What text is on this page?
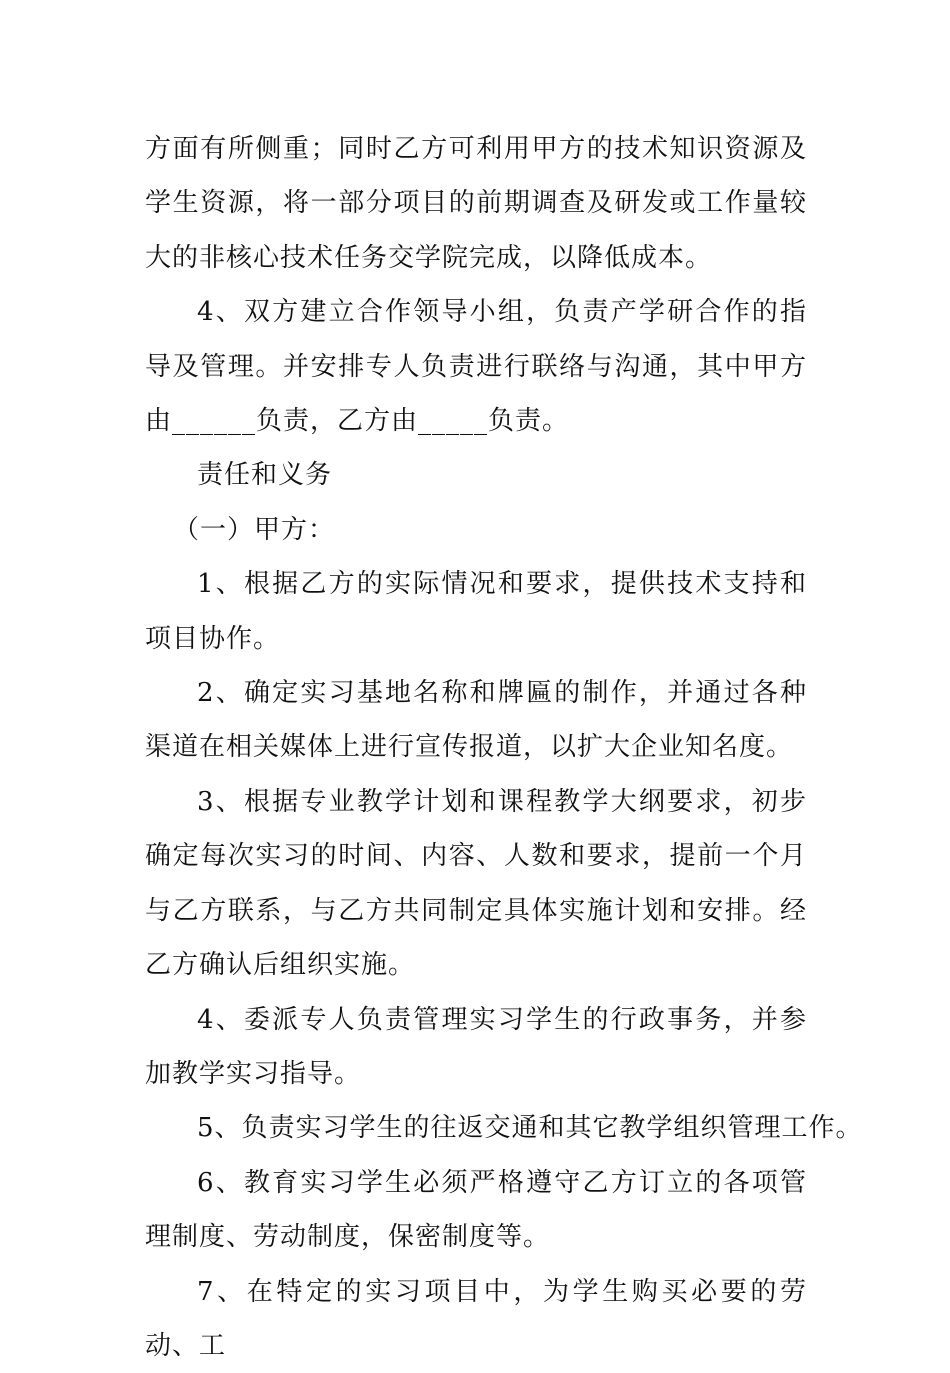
方面有所侧重；同时乙方可利用甲方的技术知识资源及学生资源，将一部分项目的前期调查及研发或工作量较大的非核心技术任务交学院完成，以降低成本。

4、双方建立合作领导小组，负责产学研合作的指导及管理。并安排专人负责进行联络与沟通，其中甲方由______负责，乙方由_____负责。

责任和义务

（一）甲方：

1、根据乙方的实际情况和要求，提供技术支持和项目协作。

2、确定实习基地名称和牌匾的制作，并通过各种渠道在相关媒体上进行宣传报道，以扩大企业知名度。

3、根据专业教学计划和课程教学大纲要求，初步确定每次实习的时间、内容、人数和要求，提前一个月与乙方联系，与乙方共同制定具体实施计划和安排。经乙方确认后组织实施。

4、委派专人负责管理实习学生的行政事务，并参加教学实习指导。

5、负责实习学生的往返交通和其它教学组织管理工作。

6、教育实习学生必须严格遵守乙方订立的各项管理制度、劳动制度，保密制度等。

7、在特定的实习项目中，为学生购买必要的劳动、工
